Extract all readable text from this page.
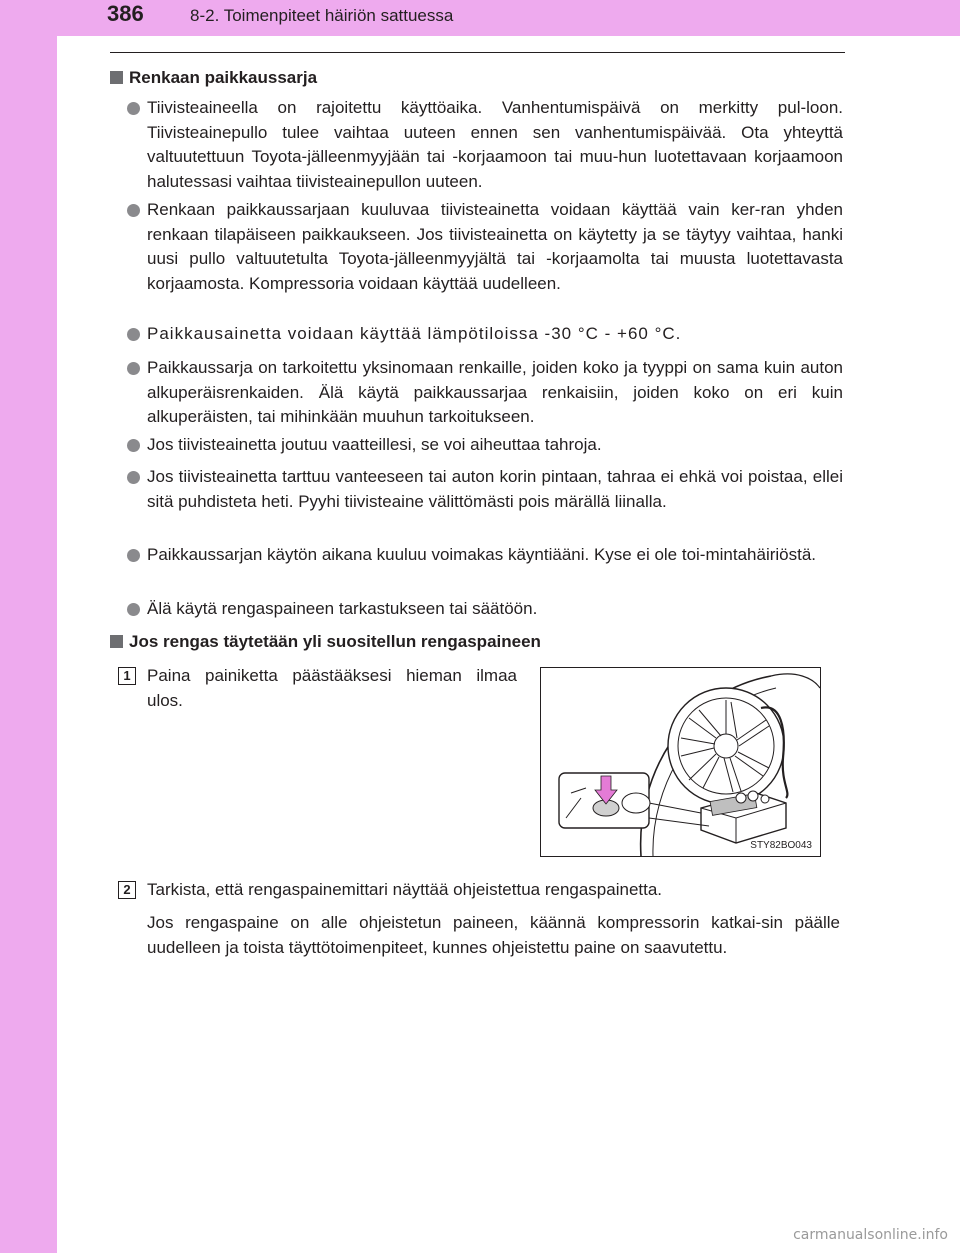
386	8-2. Toimenpiteet häiriön sattuessa
Renkaan paikkaussarja
Tiivisteaineella on rajoitettu käyttöaika. Vanhentumispäivä on merkitty pul-loon. Tiivisteainepullo tulee vaihtaa uuteen ennen sen vanhentumispäivää. Ota yhteyttä valtuutettuun Toyota-jälleenmyyjään tai -korjaamoon tai muu-hun luotettavaan korjaamoon halutessasi vaihtaa tiivisteainepullon uuteen.
Renkaan paikkaussarjaan kuuluvaa tiivisteainetta voidaan käyttää vain ker-ran yhden renkaan tilapäiseen paikkaukseen. Jos tiivisteainetta on käytetty ja se täytyy vaihtaa, hanki uusi pullo valtuutetulta Toyota-jälleenmyyjältä tai -korjaamolta tai muusta luotettavasta korjaamosta. Kompressoria voidaan käyttää uudelleen.
Paikkausainetta voidaan käyttää lämpötiloissa -30 °C - +60 °C.
Paikkaussarja on tarkoitettu yksinomaan renkaille, joiden koko ja tyyppi on sama kuin auton alkuperäisrenkaiden. Älä käytä paikkaussarjaa renkaisiin, joiden koko on eri kuin alkuperäisten, tai mihinkään muuhun tarkoitukseen.
Jos tiivisteainetta joutuu vaatteillesi, se voi aiheuttaa tahroja.
Jos tiivisteainetta tarttuu vanteeseen tai auton korin pintaan, tahraa ei ehkä voi poistaa, ellei sitä puhdisteta heti. Pyyhi tiivisteaine välittömästi pois märällä liinalla.
Paikkaussarjan käytön aikana kuuluu voimakas käyntiääni. Kyse ei ole toi-mintahäiriöstä.
Älä käytä rengaspaineen tarkastukseen tai säätöön.
Jos rengas täytetään yli suositellun rengaspaineen
1 Paina painiketta päästääksesi hieman ilmaa ulos.
STY82BO043
2 Tarkista, että rengaspainemittari näyttää ohjeistettua rengaspainetta.
Jos rengaspaine on alle ohjeistetun paineen, käännä kompressorin katkai-sin päälle uudelleen ja toista täyttötoimenpiteet, kunnes ohjeistettu paine on saavutettu.
carmanualsonline.info
